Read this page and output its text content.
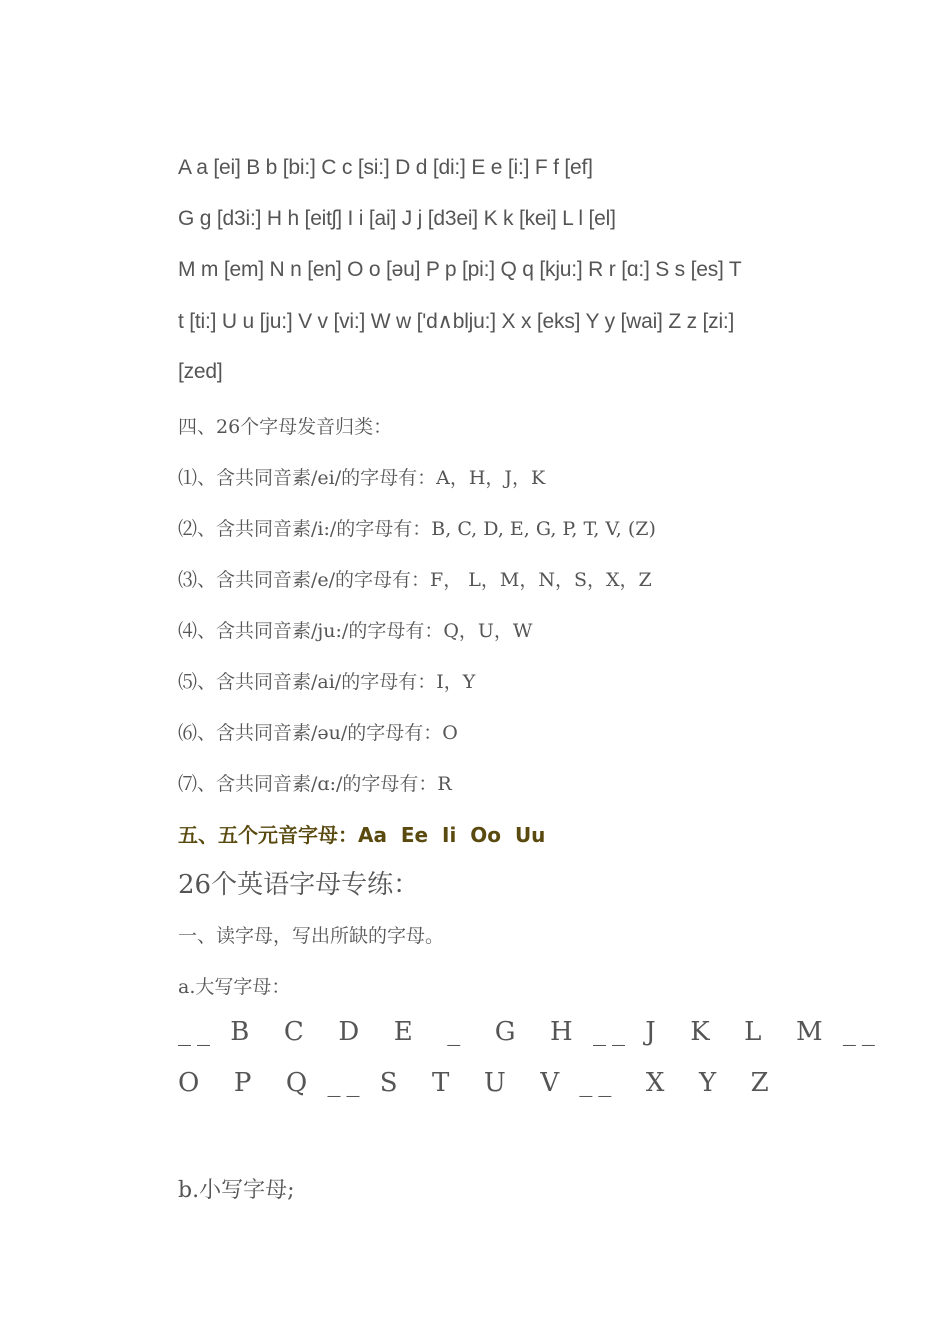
A a [ei] B b [bi:] C c [si:] D d [di:] E e [i:] F f [ef]
G g [d3i:] H h [eitʃ] I i [ai] J j [d3ei] K k [kei] L l [el]
M m [em] N n [en] O o [əu] P p [pi:] Q q [kju:] R r [ɑ:] S s [es] T
t [ti:] U u [ju:] V v [vi:] W w ['d∧blju:] X x [eks] Y y [wai] Z z [zi:]
[zed]
四、26个字母发音归类：
⑴、含共同音素/ei/的字母有：A，H，J，K
⑵、含共同音素/i:/的字母有：B, C, D, E, G, P, T, V, (Z)
⑶、含共同音素/e/的字母有：F， L，M，N，S，X，Z
⑷、含共同音素/ju:/的字母有：Q，U，W
⑸、含共同音素/ai/的字母有：I，Y
⑹、含共同音素/əu/的字母有：O
⑺、含共同音素/ɑ:/的字母有：R
五、五个元音字母：Aa  Ee  Ii  Oo  Uu
26个英语字母专练：
一、读字母，写出所缺的字母。
a.大写字母：
__ B  C  D  E  _  G  H __ J  K  L  M __
O  P  Q __ S  T  U  V __  X  Y  Z
b.小写字母;
